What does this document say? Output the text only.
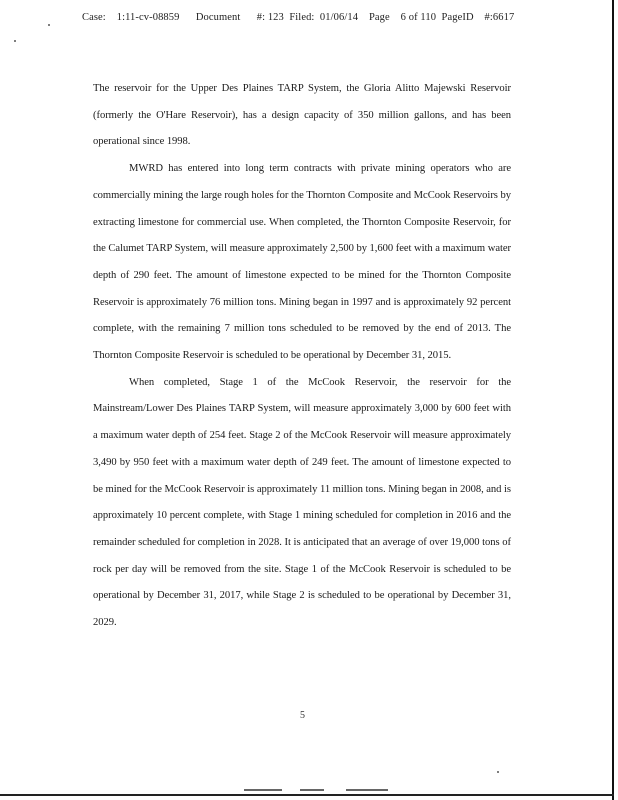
Case: 1:11-cv-08859 Document #: 123 Filed: 01/06/14 Page 6 of 110 PageID #:6617

The reservoir for the Upper Des Plaines TARP System, the Gloria Alitto Majewski Reservoir (formerly the O'Hare Reservoir), has a design capacity of 350 million gallons, and has been operational since 1998.

MWRD has entered into long term contracts with private mining operators who are commercially mining the large rough holes for the Thornton Composite and McCook Reservoirs by extracting limestone for commercial use. When completed, the Thornton Composite Reservoir, for the Calumet TARP System, will measure approximately 2,500 by 1,600 feet with a maximum water depth of 290 feet. The amount of limestone expected to be mined for the Thornton Composite Reservoir is approximately 76 million tons. Mining began in 1997 and is approximately 92 percent complete, with the remaining 7 million tons scheduled to be removed by the end of 2013. The Thornton Composite Reservoir is scheduled to be operational by December 31, 2015.

When completed, Stage 1 of the McCook Reservoir, the reservoir for the Mainstream/Lower Des Plaines TARP System, will measure approximately 3,000 by 600 feet with a maximum water depth of 254 feet. Stage 2 of the McCook Reservoir will measure approximately 3,490 by 950 feet with a maximum water depth of 249 feet. The amount of limestone expected to be mined for the McCook Reservoir is approximately 11 million tons. Mining began in 2008, and is approximately 10 percent complete, with Stage 1 mining scheduled for completion in 2016 and the remainder scheduled for completion in 2028. It is anticipated that an average of over 19,000 tons of rock per day will be removed from the site. Stage 1 of the McCook Reservoir is scheduled to be operational by December 31, 2017, while Stage 2 is scheduled to be operational by December 31, 2029.

5
